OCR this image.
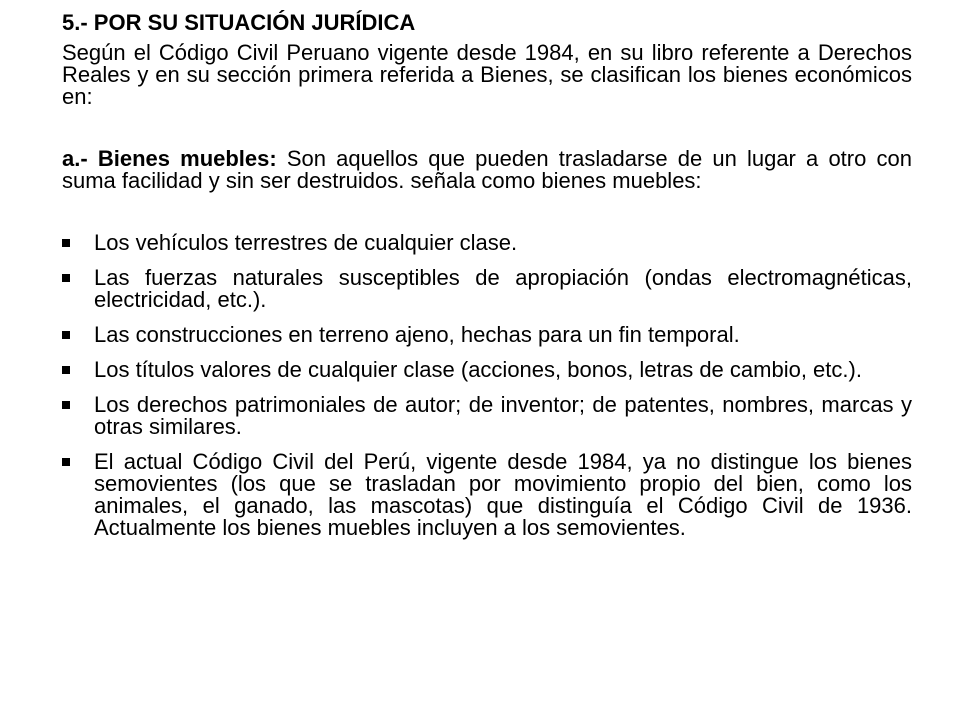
5.- POR SU SITUACIÓN JURÍDICA

Según el Código Civil Peruano vigente desde 1984, en su libro referente a Derechos Reales y en su sección primera referida a Bienes, se clasifican los bienes económicos en:

a.- Bienes muebles: Son aquellos que pueden trasladarse de un lugar a otro con suma facilidad y sin ser destruidos. señala como bienes muebles:

Los vehículos terrestres de cualquier clase.
Las fuerzas naturales susceptibles de apropiación (ondas electromagnéticas, electricidad, etc.).
Las construcciones en terreno ajeno, hechas para un fin temporal.
Los títulos valores de cualquier clase (acciones, bonos, letras de cambio, etc.).
Los derechos patrimoniales de autor; de inventor; de patentes, nombres, marcas y otras similares.
El actual Código Civil del Perú, vigente desde 1984, ya no distingue los bienes semovientes (los que se trasladan por movimiento propio del bien, como los animales, el ganado, las mascotas) que distinguía el Código Civil de 1936. Actualmente los bienes muebles incluyen a los semovientes.
